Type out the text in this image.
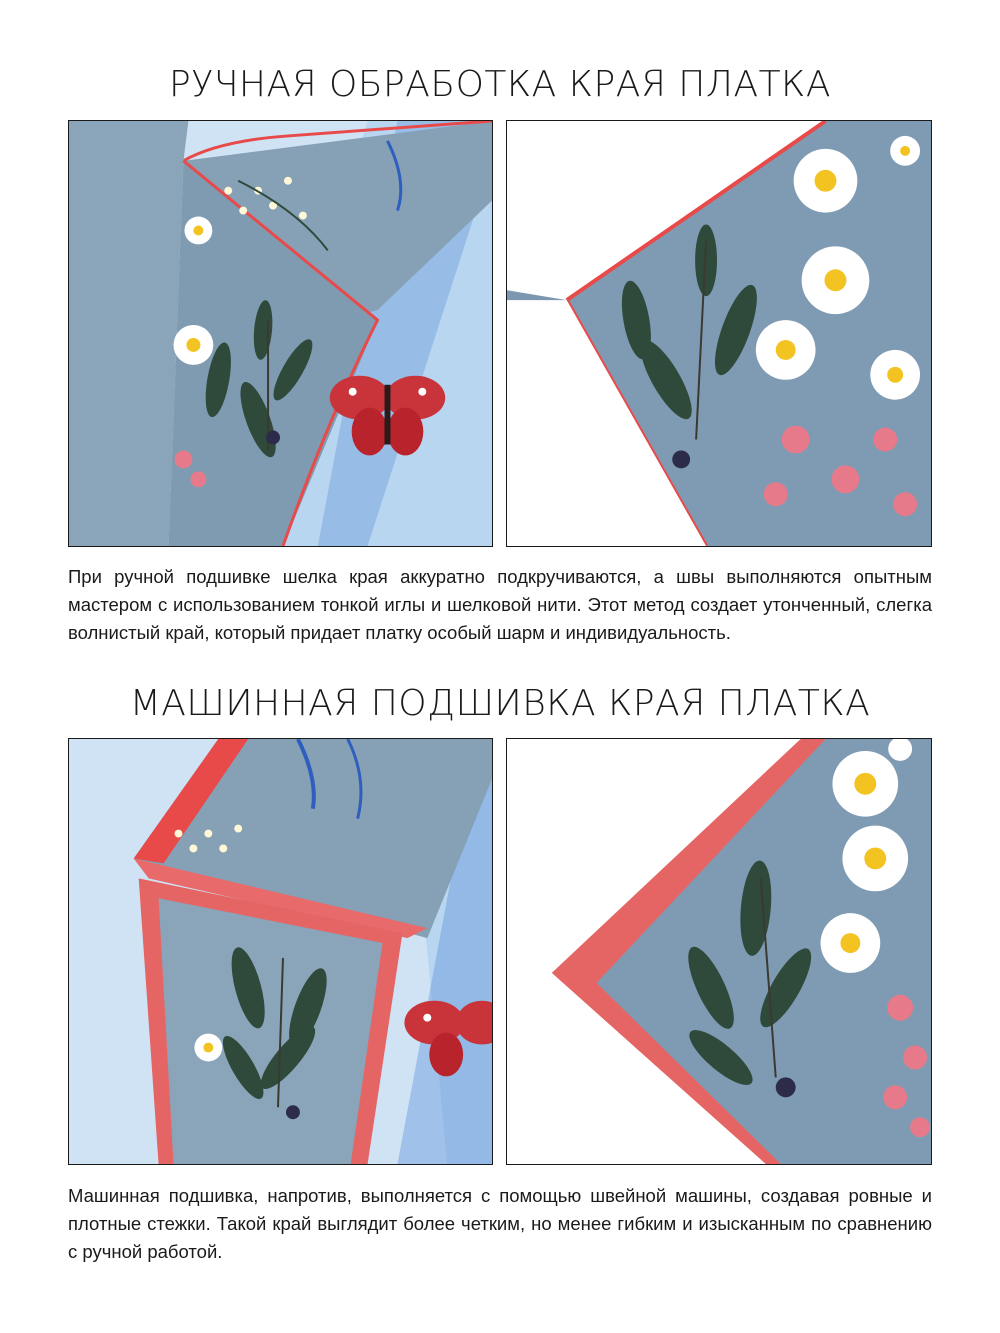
РУЧНАЯ ОБРАБОТКА КРАЯ ПЛАТКА

При ручной подшивке шелка края аккуратно подкручиваются, а швы выполняются опытным мастером с использованием тонкой иглы и шелковой нити. Этот метод создает утонченный, слегка волнистый край, который придает платку особый шарм и индивидуальность.

МАШИННАЯ ПОДШИВКА КРАЯ ПЛАТКА

Машинная подшивка, напротив, выполняется с помощью швейной машины, создавая ровные и плотные стежки. Такой край выглядит более четким, но менее гибким и изысканным по сравнению с ручной работой.
